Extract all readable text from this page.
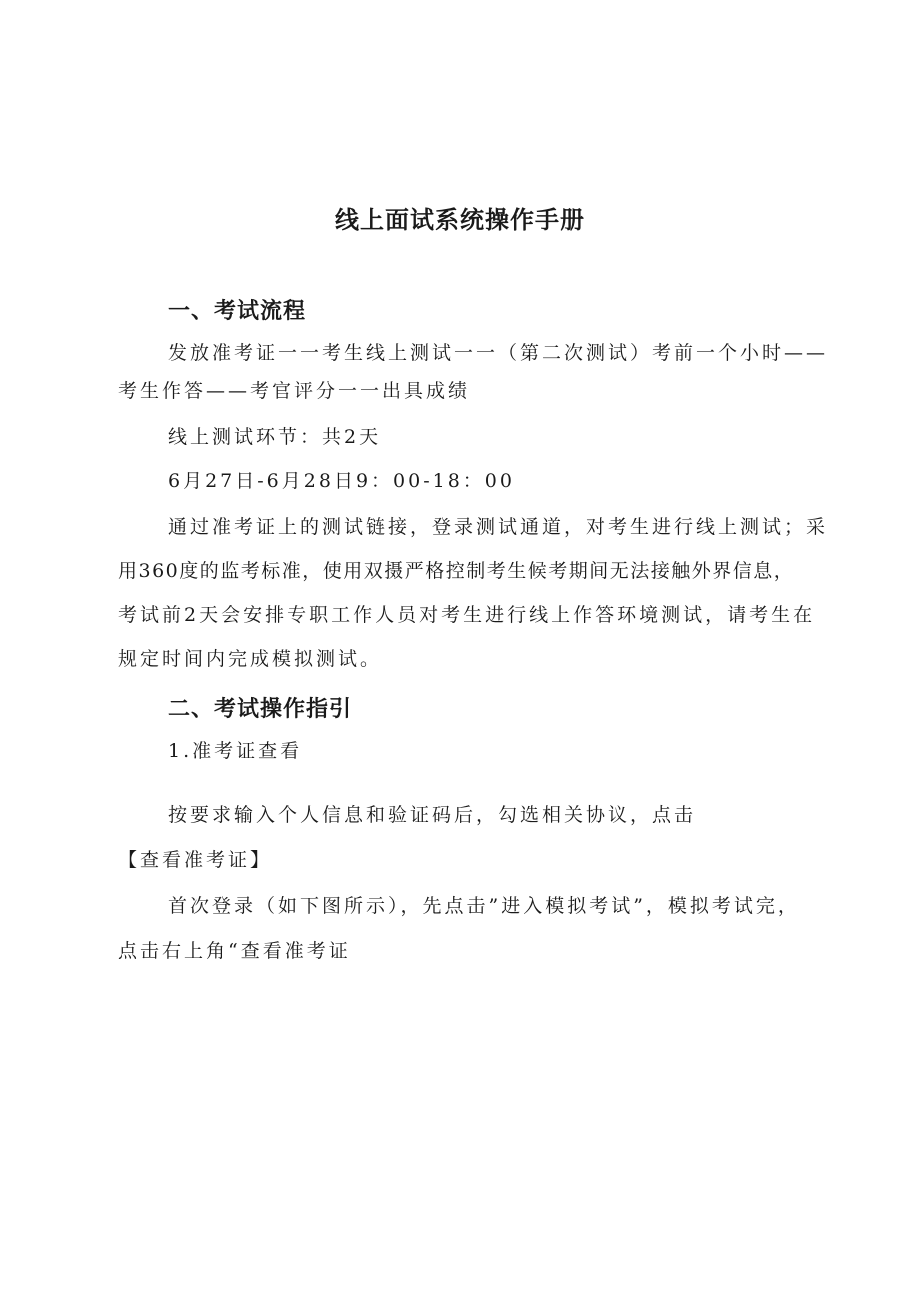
线上面试系统操作手册
一、考试流程
发放准考证一一考生线上测试一一（第二次测试）考前一个小时——
考生作答——考官评分一一出具成绩
线上测试环节：共2天
6月27日-6月28日9：00-18：00
通过准考证上的测试链接，登录测试通道，对考生进行线上测试；采
用360度的监考标准，使用双摄严格控制考生候考期间无法接触外界信息，
考试前2天会安排专职工作人员对考生进行线上作答环境测试，请考生在
规定时间内完成模拟测试。
二、考试操作指引
1.准考证查看
按要求输入个人信息和验证码后，勾选相关协议，点击
【查看准考证】
首次登录（如下图所示），先点击”进入模拟考试”，模拟考试完，
点击右上角“查看准考证
